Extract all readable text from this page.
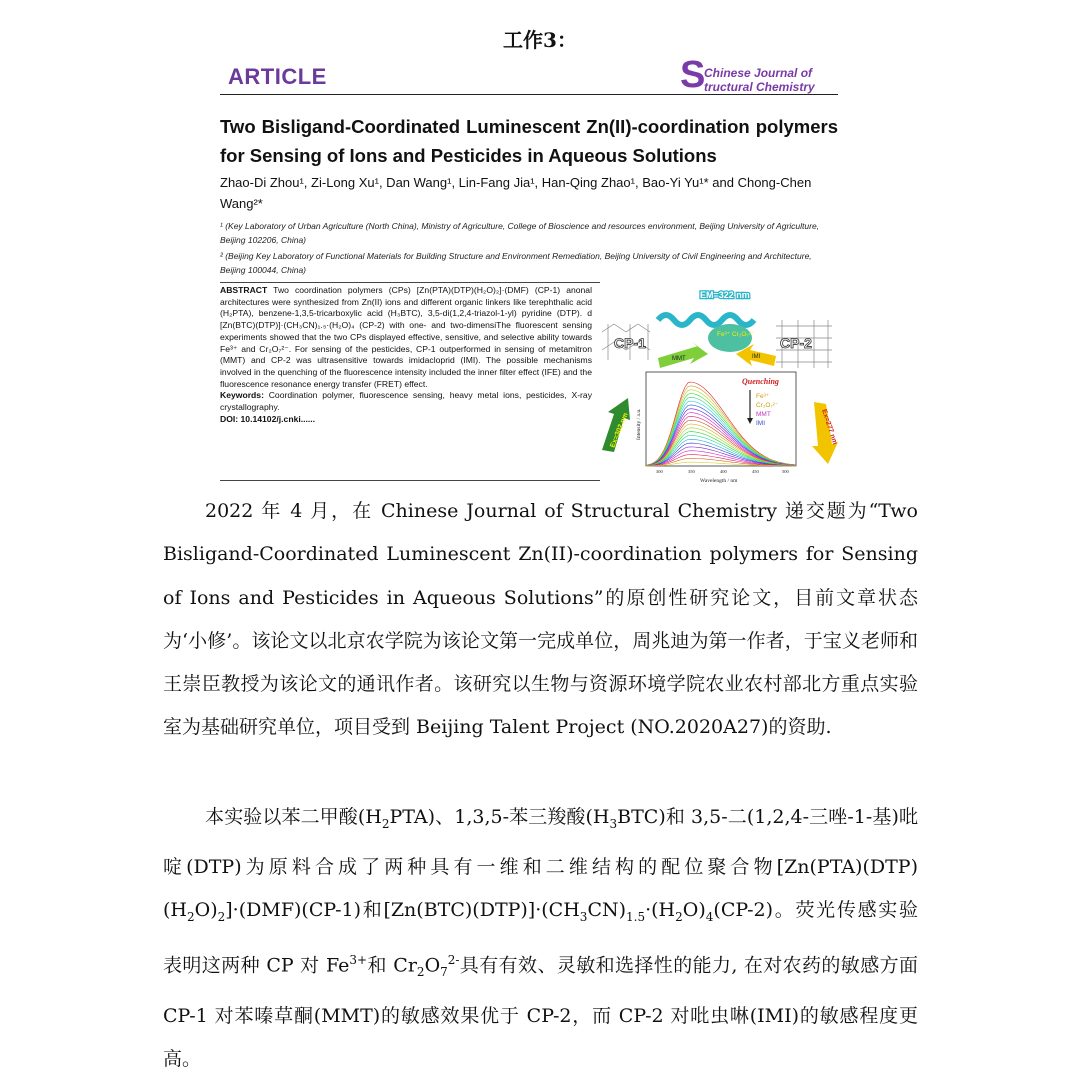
工作3：
ARTICLE	S
Chinese Journal of
tructural Chemistry
Two Bisligand-Coordinated Luminescent Zn(II)-coordination polymers for Sensing of Ions and Pesticides in Aqueous Solutions
Zhao-Di Zhou¹, Zi-Long Xu¹, Dan Wang¹, Lin-Fang Jia¹, Han-Qing Zhao¹, Bao-Yi Yu¹* and Chong-Chen Wang²*
¹ (Key Laboratory of Urban Agriculture (North China), Ministry of Agriculture, College of Bioscience and resources environment, Beijing University of Agriculture, Beijing 102206, China)
² (Beijing Key Laboratory of Functional Materials for Building Structure and Environment Remediation, Beijing University of Civil Engineering and Architecture, Beijing 100044, China)
ABSTRACT Two coordination polymers (CPs) [Zn(PTA)(DTP)(H₂O)₂]·(DMF) (CP-1) anonal architectures were synthesized from Zn(II) ions and different organic linkers like terephthalic acid (H₂PTA), benzene-1,3,5-tricarboxylic acid (H₃BTC), 3,5-di(1,2,4-triazol-1-yl) pyridine (DTP). d [Zn(BTC)(DTP)]·(CH₃CN)₁.₅·(H₂O)₄ (CP-2) with one- and two-dimensiThe fluorescent sensing experiments showed that the two CPs displayed effective, sensitive, and selective ability towards Fe³⁺ and Cr₂O₇²⁻. For sensing of the pesticides, CP-1 outperformed in sensing of metamitron (MMT) and CP-2 was ultrasensitive towards imidacloprid (IMI). The possible mechanisms involved in the quenching of the fluorescence intensity included the inner filter effect (IFE) and the fluorescence resonance energy transfer (FRET) effect.
Keywords: Coordination polymer, fluorescence sensing, heavy metal ions, pesticides, X-ray crystallography.
DOI: 10.14102/j.cnki......
EM=322 nm
CP-1	CP-2
Fe³⁺ Cr₂O₇²⁻
MMT	IMI
Ex=302 nm	Ex=277 nm
Quenching
Fe³⁺
Cr₂O₇²⁻
MMT
IMI
Intensity / a.u.
Wavelength / nm
300	350	400	450	500
2022 年 4 月，在 Chinese Journal of Structural Chemistry 递交题为“Two Bisligand-Coordinated Luminescent Zn(II)-coordination polymers for Sensing of Ions and Pesticides in Aqueous Solutions”的原创性研究论文，目前文章状态为‘小修’。该论文以北京农学院为该论文第一完成单位，周兆迪为第一作者，于宝义老师和王崇臣教授为该论文的通讯作者。该研究以生物与资源环境学院农业农村部北方重点实验室为基础研究单位，项目受到 Beijing Talent Project (NO.2020A27)的资助.
本实验以苯二甲酸$(H_2PTA)$、1,3,5-苯三羧酸$(H_3BTC)$和 3,5-二(1,2,4-三唑-1-基)吡啶(DTP)为原料合成了两种具有一维和二维结构的配位聚合物$[Zn(PTA)(DTP)(H_2O)_2]\cdot(DMF)(CP-1)$和$[Zn(BTC)(DTP)]\cdot(CH_3CN)_{1.5}\cdot(H_2O)_4(CP-2)$。荧光传感实验表明这两种 CP 对 $Fe^{3+}$和 $Cr_2O_7^{2-}$具有有效、灵敏和选择性的能力, 在对农药的敏感方面 CP-1 对苯嗪草酮(MMT)的敏感效果优于 CP-2，而 CP-2 对吡虫啉(IMI)的敏感程度更高。
